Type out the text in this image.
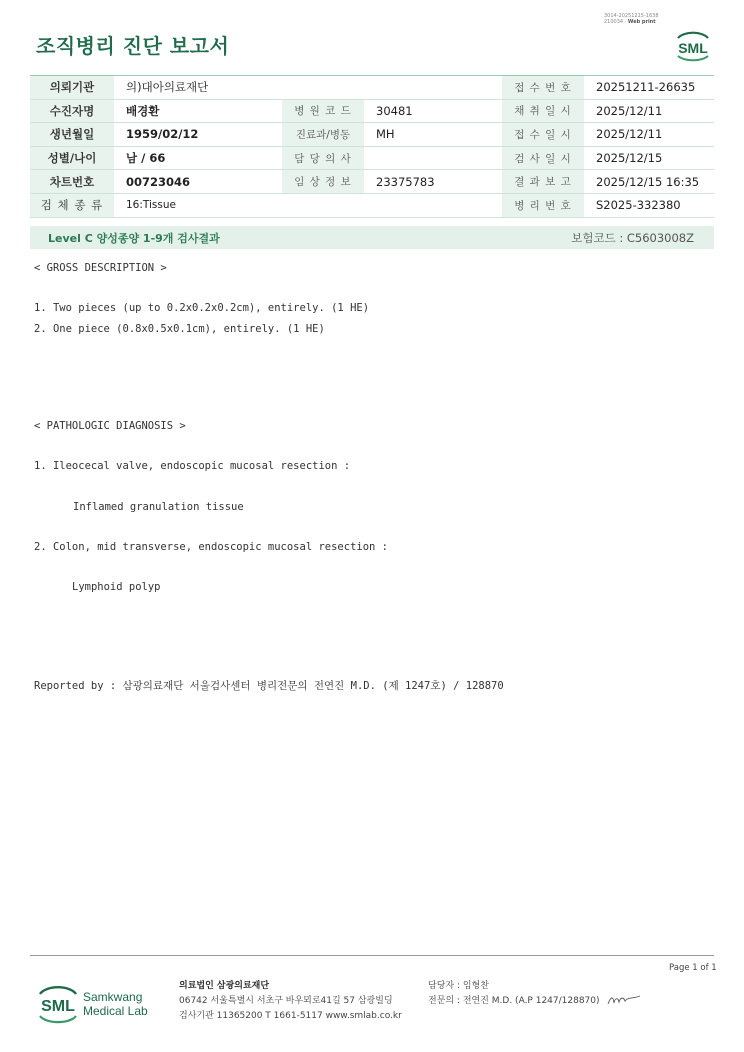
조직병리 진단 보고서
3014-20251215-1638
210034 · Web print
SML
의뢰기관	의)대아의료재단			접 수 번 호	20251211-26635
수진자명	배경환	병 원 코 드	30481	채 취 일 시	2025/12/11
생년월일	1959/02/12	진료과/병동	MH	접 수 일 시	2025/12/11
성별/나이	남 / 66	담 당 의 사		검 사 일 시	2025/12/15
차트번호	00723046	임 상 정 보	23375783	결 과 보 고	2025/12/15 16:35
검 체 종 류	16:Tissue			병 리 번 호	S2025-332380
Level C 양성종양 1-9개 검사결과	보험코드 : C5603008Z
< GROSS DESCRIPTION >
1. Two pieces (up to 0.2x0.2x0.2cm), entirely. (1 HE)
2. One piece (0.8x0.5x0.1cm), entirely. (1 HE)
< PATHOLOGIC DIAGNOSIS >
1. Ileocecal valve, endoscopic mucosal resection :
Inflamed granulation tissue
2. Colon, mid transverse, endoscopic mucosal resection :
Lymphoid polyp
Reported by : 삼광의료재단 서울검사센터 병리전문의 전연진 M.D. (제 1247호) / 128870
Page 1 of 1
SML
Samkwang
Medical Lab
의료법인 삼광의료재단
06742 서울특별시 서초구 바우뫼로41길 57 삼광빌딩
검사기관 11365200 T 1661-5117 www.smlab.co.kr
담당자 : 임형찬
전문의 : 전연진 M.D. (A.P 1247/128870)
